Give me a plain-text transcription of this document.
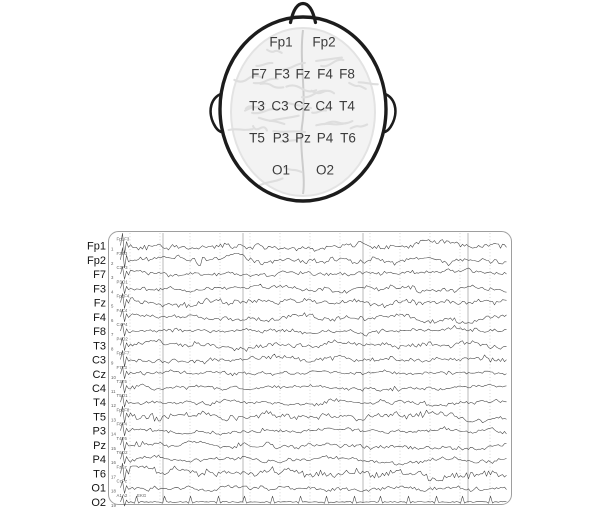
Fp1 Fp2
F7 F3 Fz F4 F8
T3 C3 Cz C4 T4
T5 P3 Pz P4 T6
O1 O2
1
Fp1F3
2
F3C3
3
C3P3
4
P3O1
5
Fp2F4
6
F4C4
7
C4P4
8
P4O2
9
Fp1F7
10
F7T3
11
T3T5
12
T5O1
13
Fp2F8
14
F8T4
15
T4T6
16
T6O2
17
FzCz
18
CzPz
19
A1A2 EKG
Fp1
Fp2
F7
F3
Fz
F4
F8
T3
C3
Cz
C4
T4
T5
P3
Pz
P4
T6
O1
O2
